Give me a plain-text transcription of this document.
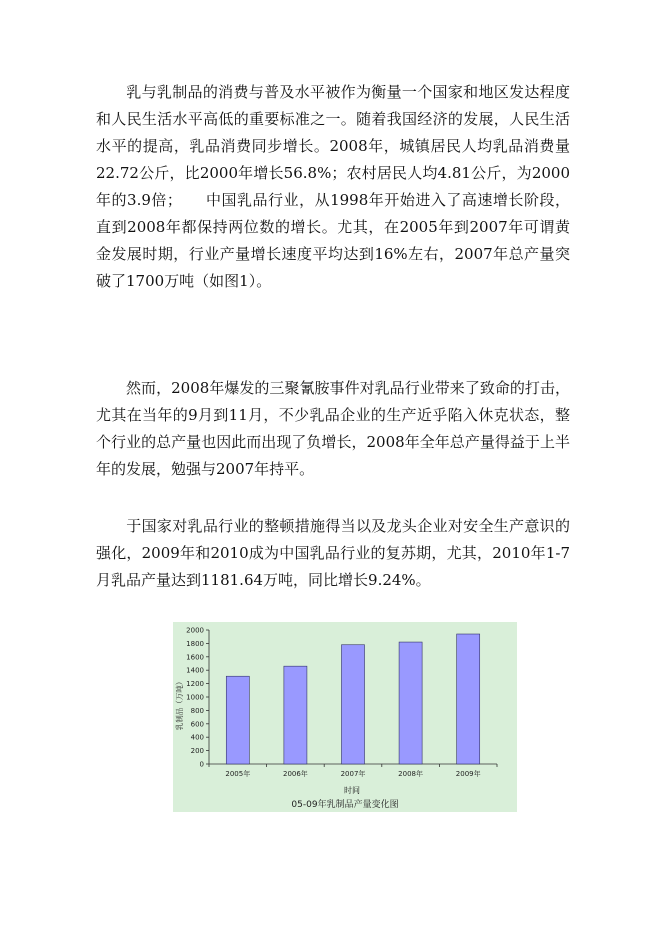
乳与乳制品的消费与普及水平被作为衡量一个国家和地区发达程度和人民生活水平高低的重要标准之一。随着我国经济的发展，人民生活水平的提高，乳品消费同步增长。2008年，城镇居民人均乳品消费量22.72公斤，比2000年增长56.8%；农村居民人均4.81公斤，为2000年的3.9倍；　　中国乳品行业，从1998年开始进入了高速增长阶段，直到2008年都保持两位数的增长。尤其，在2005年到2007年可谓黄金发展时期，行业产量增长速度平均达到16%左右，2007年总产量突破了1700万吨（如图1）。

然而，2008年爆发的三聚氰胺事件对乳品行业带来了致命的打击，尤其在当年的9月到11月，不少乳品企业的生产近乎陷入休克状态，整个行业的总产量也因此而出现了负增长，2008年全年总产量得益于上半年的发展，勉强与2007年持平。

于国家对乳品行业的整顿措施得当以及龙头企业对安全生产意识的强化，2009年和2010成为中国乳品行业的复苏期，尤其，2010年1-7月乳品产量达到1181.64万吨，同比增长9.24%。

0
200
400
600
800
1000
1200
1400
1600
1800
2000
2005年	2006年	2007年	2008年	2009年
乳制品（万吨）
时间
05-09年乳制品产量变化图
